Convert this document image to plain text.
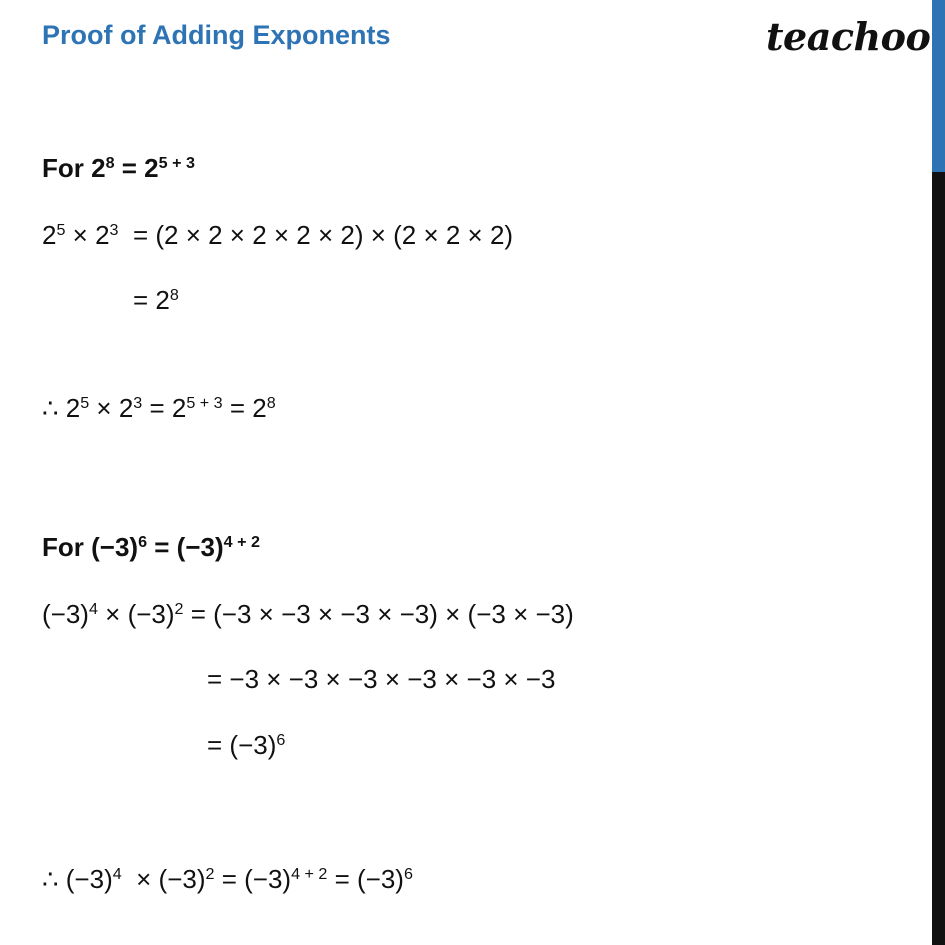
Proof of Adding Exponents	teachoo
For $2^8 = 2^{5 + 3}$
$2^5 \times 2^3 = (2 \times 2 \times 2 \times 2 \times 2) \times (2 \times 2 \times 2)$
= $2^8$
∴ $2^5 \times 2^3 = 2^{5 + 3} = 2^8$
For $(-3)^6 = (-3)^{4 + 2}$
$(-3)^4 \times (-3)^2 = (-3 \times -3 \times -3 \times -3) \times (-3 \times -3)$
= −3 × −3 × −3 × −3 × −3 × −3
= $(-3)^6$
∴ $(-3)^4 \times (-3)^2 = (-3)^{4 + 2} = (-3)^6$
